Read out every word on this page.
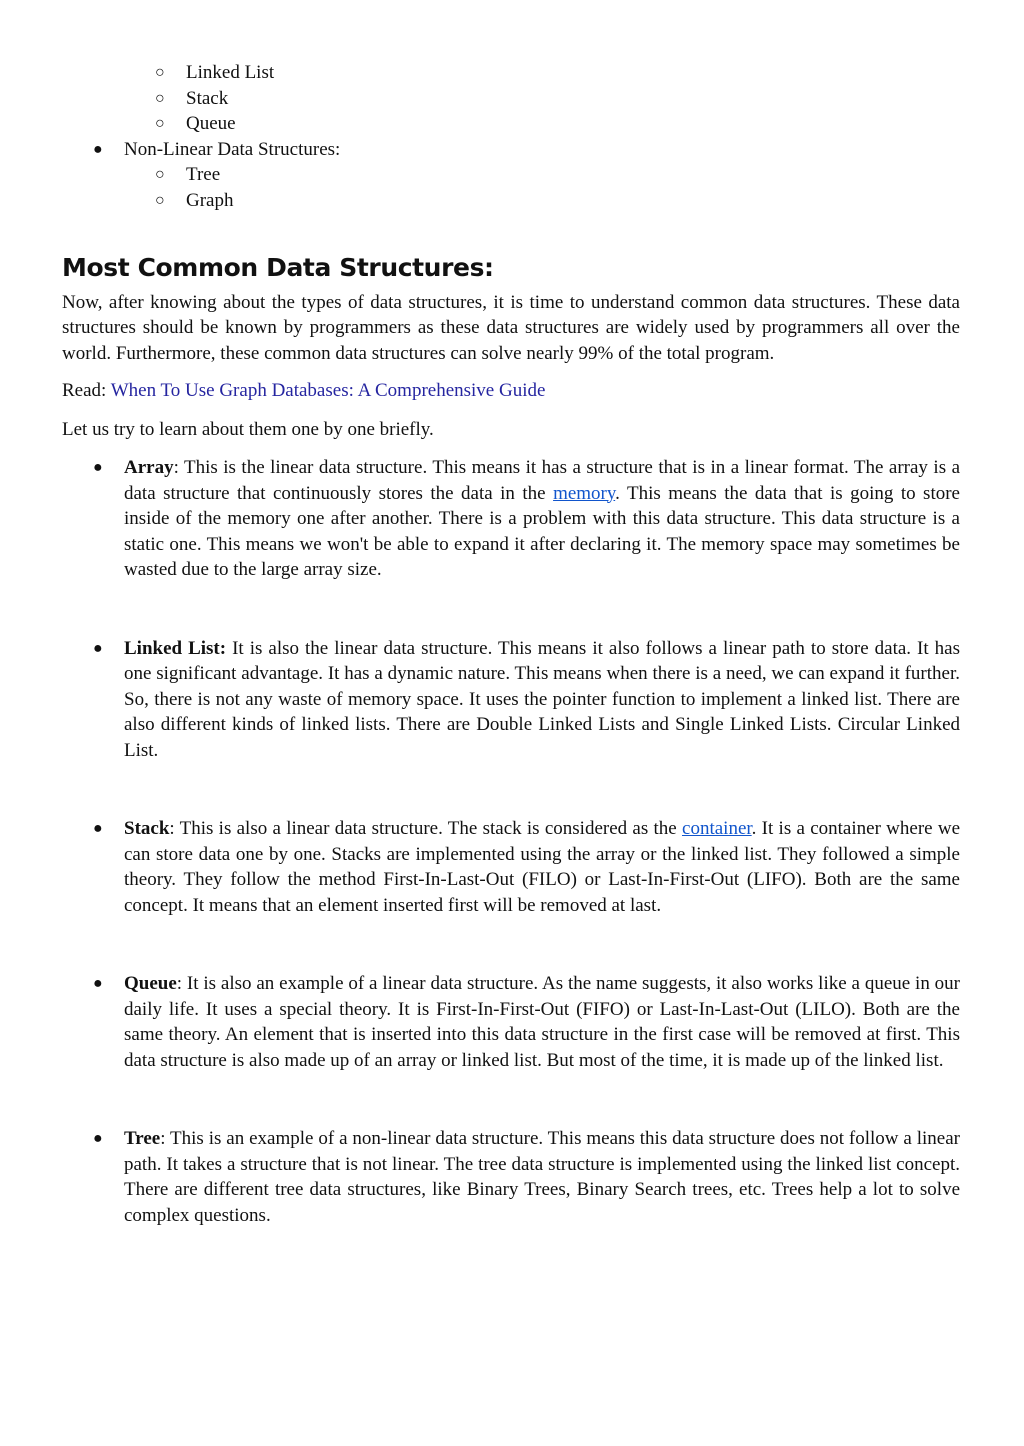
○ Linked List
○ Stack
○ Queue
● Non-Linear Data Structures:
○ Tree
○ Graph
Most Common Data Structures:

Now, after knowing about the types of data structures, it is time to understand common data structures. These data structures should be known by programmers as these data structures are widely used by programmers all over the world. Furthermore, these common data structures can solve nearly 99% of the total program.

Read: When To Use Graph Databases: A Comprehensive Guide

Let us try to learn about them one by one briefly.

● Array: This is the linear data structure. This means it has a structure that is in a linear format. The array is a data structure that continuously stores the data in the memory. This means the data that is going to store inside of the memory one after another. There is a problem with this data structure. This data structure is a static one. This means we won't be able to expand it after declaring it. The memory space may sometimes be wasted due to the large array size.
● Linked List: It is also the linear data structure. This means it also follows a linear path to store data. It has one significant advantage. It has a dynamic nature. This means when there is a need, we can expand it further. So, there is not any waste of memory space. It uses the pointer function to implement a linked list. There are also different kinds of linked lists. There are Double Linked Lists and Single Linked Lists. Circular Linked List.
● Stack: This is also a linear data structure. The stack is considered as the container. It is a container where we can store data one by one. Stacks are implemented using the array or the linked list. They followed a simple theory. They follow the method First-In-Last-Out (FILO) or Last-In-First-Out (LIFO). Both are the same concept. It means that an element inserted first will be removed at last.
● Queue: It is also an example of a linear data structure. As the name suggests, it also works like a queue in our daily life. It uses a special theory. It is First-In-First-Out (FIFO) or Last-In-Last-Out (LILO). Both are the same theory. An element that is inserted into this data structure in the first case will be removed at first. This data structure is also made up of an array or linked list. But most of the time, it is made up of the linked list.
● Tree: This is an example of a non-linear data structure. This means this data structure does not follow a linear path. It takes a structure that is not linear. The tree data structure is implemented using the linked list concept. There are different tree data structures, like Binary Trees, Binary Search trees, etc. Trees help a lot to solve complex questions.
